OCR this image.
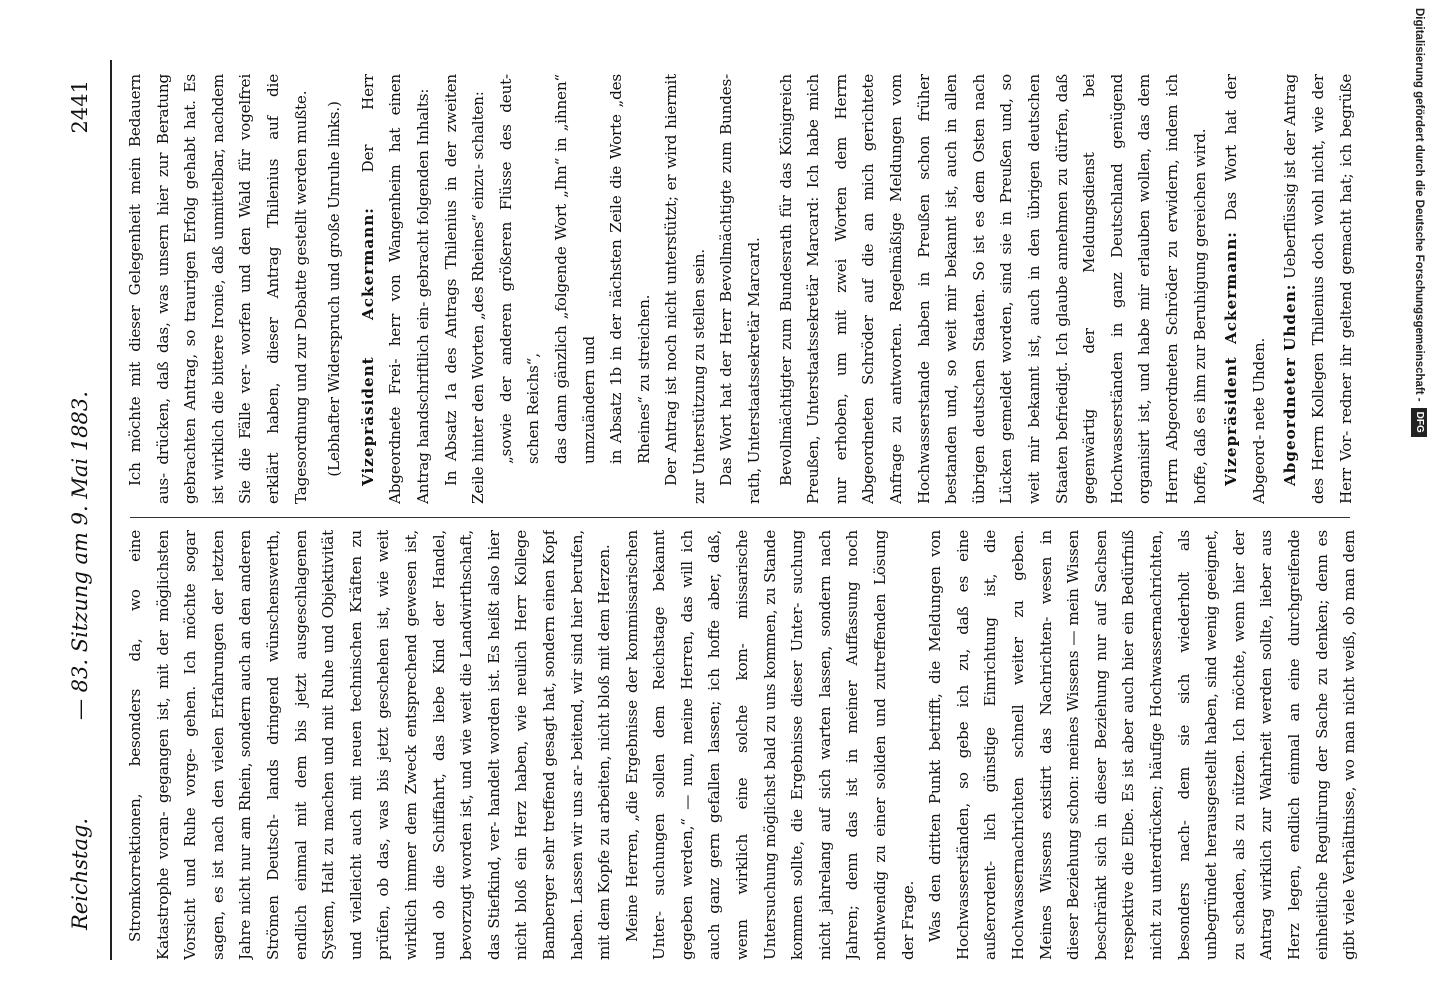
Reichstag.
— 83. Sitzung am 9. Mai 1883.
2441

Stromkorrektionen, besonders da, wo eine Katastrophe voran- gegangen ist, mit der möglichsten Vorsicht und Ruhe vorge- gehen. Ich möchte sogar sagen, es ist nach den vielen Erfahrungen der letzten Jahre nicht nur am Rhein, sondern auch an den anderen Strömen Deutsch- lands dringend wünschenswerth, endlich einmal mit dem bis jetzt ausgeschlagenen System, Halt zu machen und mit Ruhe und Objektivität und vielleicht auch mit neuen technischen Kräften zu prüfen, ob das, was bis jetzt geschehen ist, wie weit wirklich immer dem Zweck entsprechend gewesen ist, und ob die Schiffahrt, das liebe Kind der Handel, bevorzugt worden ist, und wie weit die Landwirthschaft, das Stiefkind, ver- handelt worden ist. Es heißt also hier nicht bloß ein Herz haben, wie neulich Herr Kollege Bamberger sehr treffend gesagt hat, sondern einen Kopf haben. Lassen wir uns ar- beitend, wir sind hier berufen, mit dem Kopfe zu arbeiten, nicht bloß mit dem Herzen. Meine Herren, „die Ergebnisse der kommissarischen Unter- suchungen sollen dem Reichstage bekannt gegeben werden,“ — nun, meine Herren, das will ich auch ganz gern gefallen lassen; ich hoffe aber, daß, wenn wirklich eine solche kom- missarische Untersuchung möglichst bald zu uns kommen, zu Stande kommen sollte, die Ergebnisse dieser Unter- suchung nicht jahrelang auf sich warten lassen, sondern nach Jahren; denn das ist in meiner Auffassung noch nothwendig zu einer soliden und zutreffenden Lösung der Frage. Was den dritten Punkt betrifft, die Meldungen von Hochwasserständen, so gebe ich zu, daß es eine außerordent- lich günstige Einrichtung ist, die Hochwassernachrichten schnell weiter zu geben. Meines Wissens existirt das Nachrichten- wesen in dieser Beziehung schon: meines Wissens — mein Wissen beschränkt sich in dieser Beziehung nur auf Sachsen respektive die Elbe. Es ist aber auch hier ein Bedürfniß nicht zu unterdrücken; häufige Hochwassernachrichten, besonders nach- dem sie sich wiederholt als unbegründet herausgestellt haben, sind wenig geeignet, zu schaden, als zu nützen. Ich möchte, wenn hier der Antrag wirklich zur Wahrheit werden sollte, lieber aus Herz legen, endlich einmal an eine durchgreifende einheitliche Regulirung der Sache zu denken; denn es gibt viele Verhältnisse, wo man nicht weiß, ob man dem

Ich möchte mit dieser Gelegenheit mein Bedauern aus- drücken, daß das, was unsern hier zur Beratung gebrachten Antrag, so traurigen Erfolg gehabt hat. Es ist wirklich die bittere Ironie, daß unmittelbar, nachdem Sie die Fälle ver- worfen und den Wald für vogelfrei erklärt haben, dieser Antrag Thilenius auf die Tagesordnung und zur Debatte gestellt werden mußte.	(Lebhafter Widerspruch und große Unruhe links.)	Vizepräsident Ackermann: Der Herr Abgeordnete Frei- herr von Wangenheim hat einen Antrag handschriftlich ein- gebracht folgenden Inhalts: In Absatz 1a des Antrags Thilenius in der zweiten Zeile hinter den Worten „des Rheines“ einzu- schalten: „sowie der anderen größeren Flüsse des deut- schen Reichs“, das dann gänzlich „folgende Wort „Ihn“ in „ihnen“ umzuändern und in Absatz 1b in der nächsten Zeile die Worte „des Rheines“ zu streichen. Der Antrag ist noch nicht unterstützt; er wird hiermit zur Unterstützung zu stellen sein. Das Wort hat der Herr Bevollmächtigte zum Bundes- rath, Unterstaatssekretär Marcard. Bevollmächtigter zum Bundesrath für das Königreich Preußen, Unterstaatssekretär Marcard: Ich habe mich nur erhoben, um mit zwei Worten dem Herrn Abgeordneten Schröder auf die an mich gerichtete Anfrage zu antworten. Regelmäßige Meldungen vom Hochwasserstande haben in Preußen schon früher bestanden und, so weit mir bekannt ist, auch in allen übrigen deutschen Staaten. So ist es dem Osten nach Lücken gemeldet worden, sind sie in Preußen und, so weit mir bekannt ist, auch in den übrigen deutschen Staaten befriedigt. Ich glaube annehmen zu dürfen, daß gegenwärtig der Meldungsdienst bei Hochwasserständen in ganz Deutschland genügend organisirt ist, und habe mir erlauben wollen, das dem Herrn Abgeordneten Schröder zu erwidern, indem ich hoffe, daß es ihm zur Beruhigung gereichen wird. Vizepräsident Ackermann: Das Wort hat der Abgeord- nete Uhden. Abgeordneter Uhden: Ueberflüssig ist der Antrag des Herrn Kollegen Thilenius doch wohl nicht, wie der Herr Vor- redner ihr geltend gemacht hat; ich begrüße	Digitalisierung gefördert durch die Deutsche Forschungsgemeinschaft -DFG
